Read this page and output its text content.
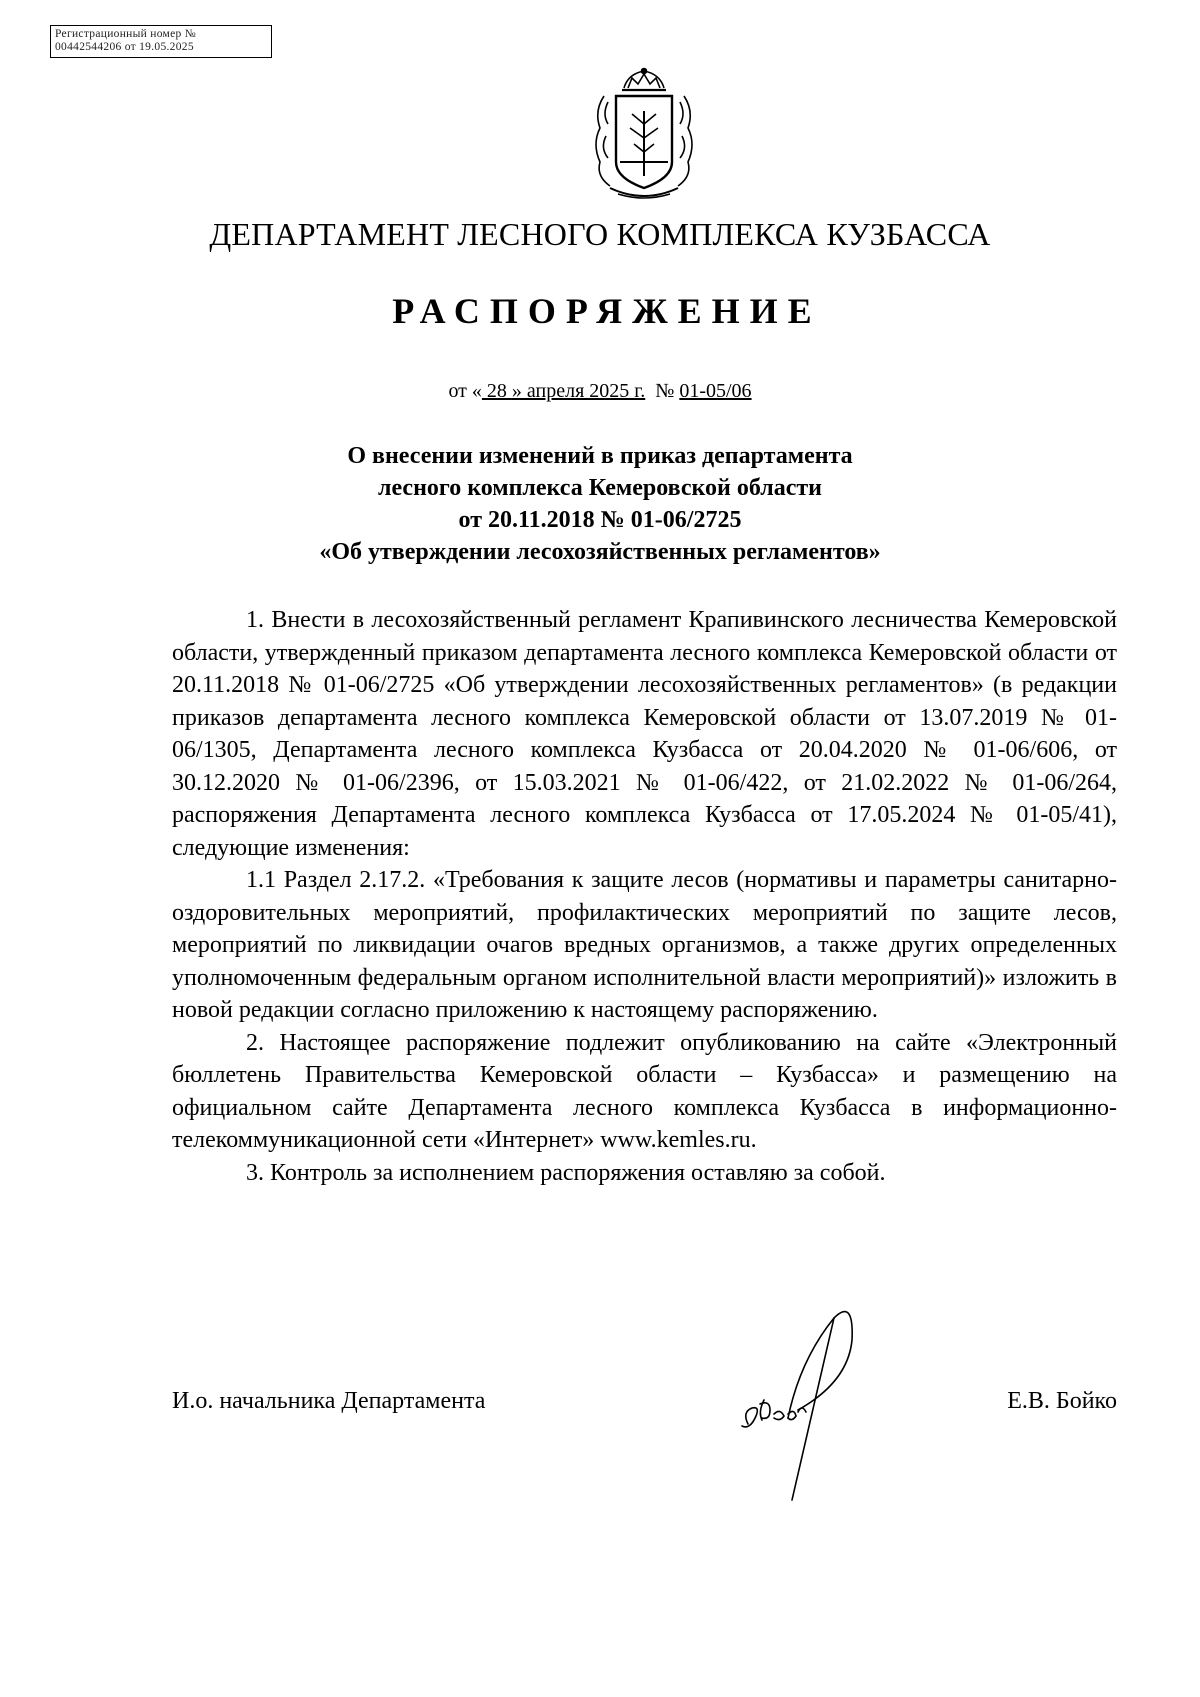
Регистрационный номер №
00442544206 от 19.05.2025
ДЕПАРТАМЕНТ ЛЕСНОГО КОМПЛЕКСА КУЗБАССА
РАСПОРЯЖЕНИЕ
от « 28 » апреля 2025 г. № 01-05/06
О внесении изменений в приказ департамента
лесного комплекса Кемеровской области
от 20.11.2018 № 01-06/2725
«Об утверждении лесохозяйственных регламентов»

1. Внести в лесохозяйственный регламент Крапивинского лесничества Кемеровской области, утвержденный приказом департамента лесного комплекса Кемеровской области от 20.11.2018 № 01-06/2725 «Об утверждении лесохозяйственных регламентов» (в редакции приказов департамента лесного комплекса Кемеровской области от 13.07.2019 № 01-06/1305, Департамента лесного комплекса Кузбасса от 20.04.2020 № 01-06/606, от 30.12.2020 № 01-06/2396, от 15.03.2021 № 01-06/422, от 21.02.2022 № 01-06/264, распоряжения Департамента лесного комплекса Кузбасса от 17.05.2024 № 01-05/41), следующие изменения:

1.1 Раздел 2.17.2. «Требования к защите лесов (нормативы и параметры санитарно-оздоровительных мероприятий, профилактических мероприятий по защите лесов, мероприятий по ликвидации очагов вредных организмов, а также других определенных уполномоченным федеральным органом исполнительной власти мероприятий)» изложить в новой редакции согласно приложению к настоящему распоряжению.

2. Настоящее распоряжение подлежит опубликованию на сайте «Электронный бюллетень Правительства Кемеровской области – Кузбасса» и размещению на официальном сайте Департамента лесного комплекса Кузбасса в информационно-телекоммуникационной сети «Интернет» www.kemles.ru.

3. Контроль за исполнением распоряжения оставляю за собой.

И.о. начальника Департамента	Е.В. Бойко
